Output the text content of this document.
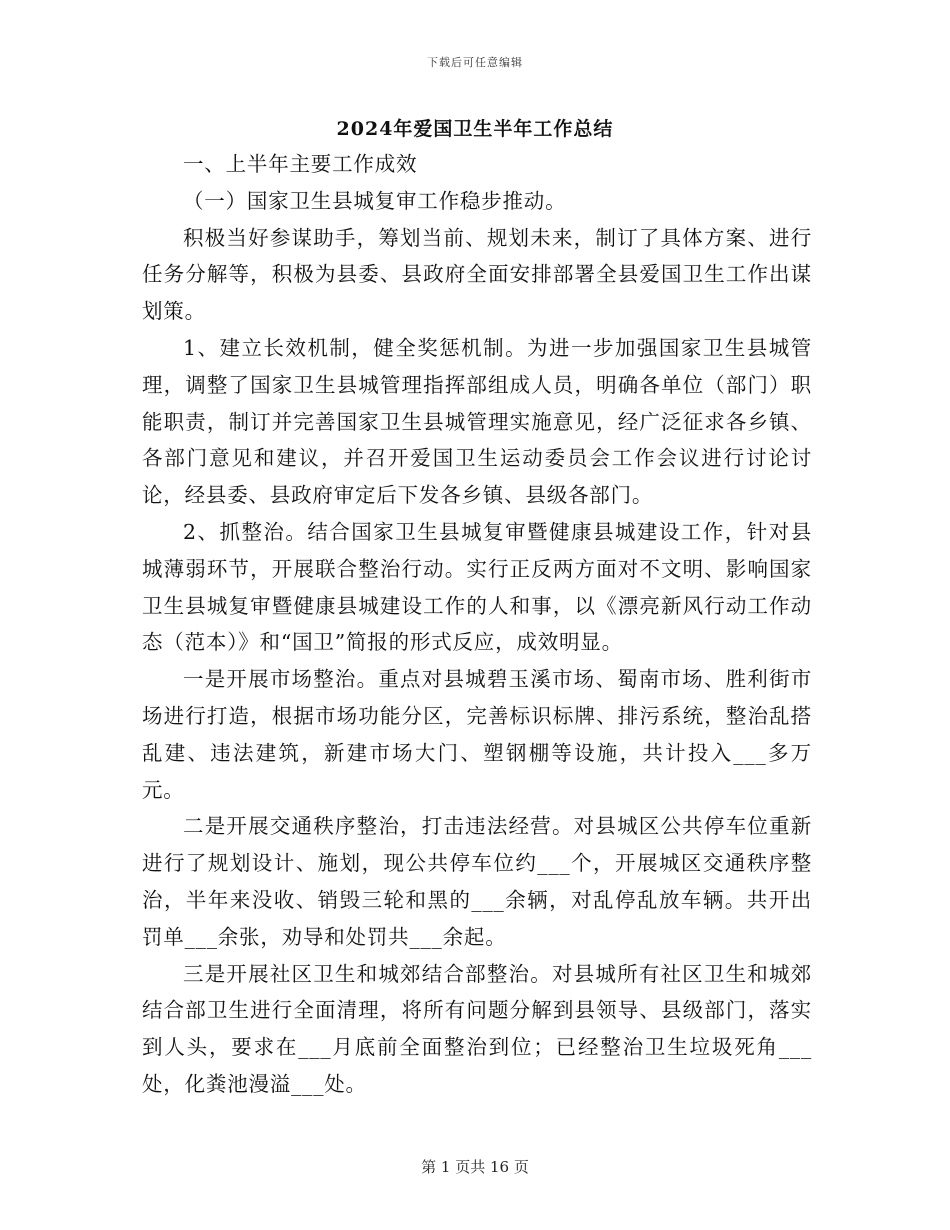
下载后可任意编辑
2024年爱国卫生半年工作总结

一、上半年主要工作成效

（一）国家卫生县城复审工作稳步推动。

积极当好参谋助手，筹划当前、规划未来，制订了具体方案、进行任务分解等，积极为县委、县政府全面安排部署全县爱国卫生工作出谋划策。

1、建立长效机制，健全奖惩机制。为进一步加强国家卫生县城管理，调整了国家卫生县城管理指挥部组成人员，明确各单位（部门）职能职责，制订并完善国家卫生县城管理实施意见，经广泛征求各乡镇、各部门意见和建议，并召开爱国卫生运动委员会工作会议进行讨论讨论，经县委、县政府审定后下发各乡镇、县级各部门。

2、抓整治。结合国家卫生县城复审暨健康县城建设工作，针对县城薄弱环节，开展联合整治行动。实行正反两方面对不文明、影响国家卫生县城复审暨健康县城建设工作的人和事，以《漂亮新风行动工作动态（范本）》和“国卫”简报的形式反应，成效明显。

一是开展市场整治。重点对县城碧玉溪市场、蜀南市场、胜利街市场进行打造，根据市场功能分区，完善标识标牌、排污系统，整治乱搭乱建、违法建筑，新建市场大门、塑钢棚等设施，共计投入___多万元。

二是开展交通秩序整治，打击违法经营。对县城区公共停车位重新进行了规划设计、施划，现公共停车位约___个，开展城区交通秩序整治，半年来没收、销毁三轮和黑的___余辆，对乱停乱放车辆。共开出罚单___余张，劝导和处罚共___余起。

三是开展社区卫生和城郊结合部整治。对县城所有社区卫生和城郊结合部卫生进行全面清理，将所有问题分解到县领导、县级部门，落实到人头，要求在___月底前全面整治到位；已经整治卫生垃圾死角___处，化粪池漫溢___处。

第 1 页共 16 页
